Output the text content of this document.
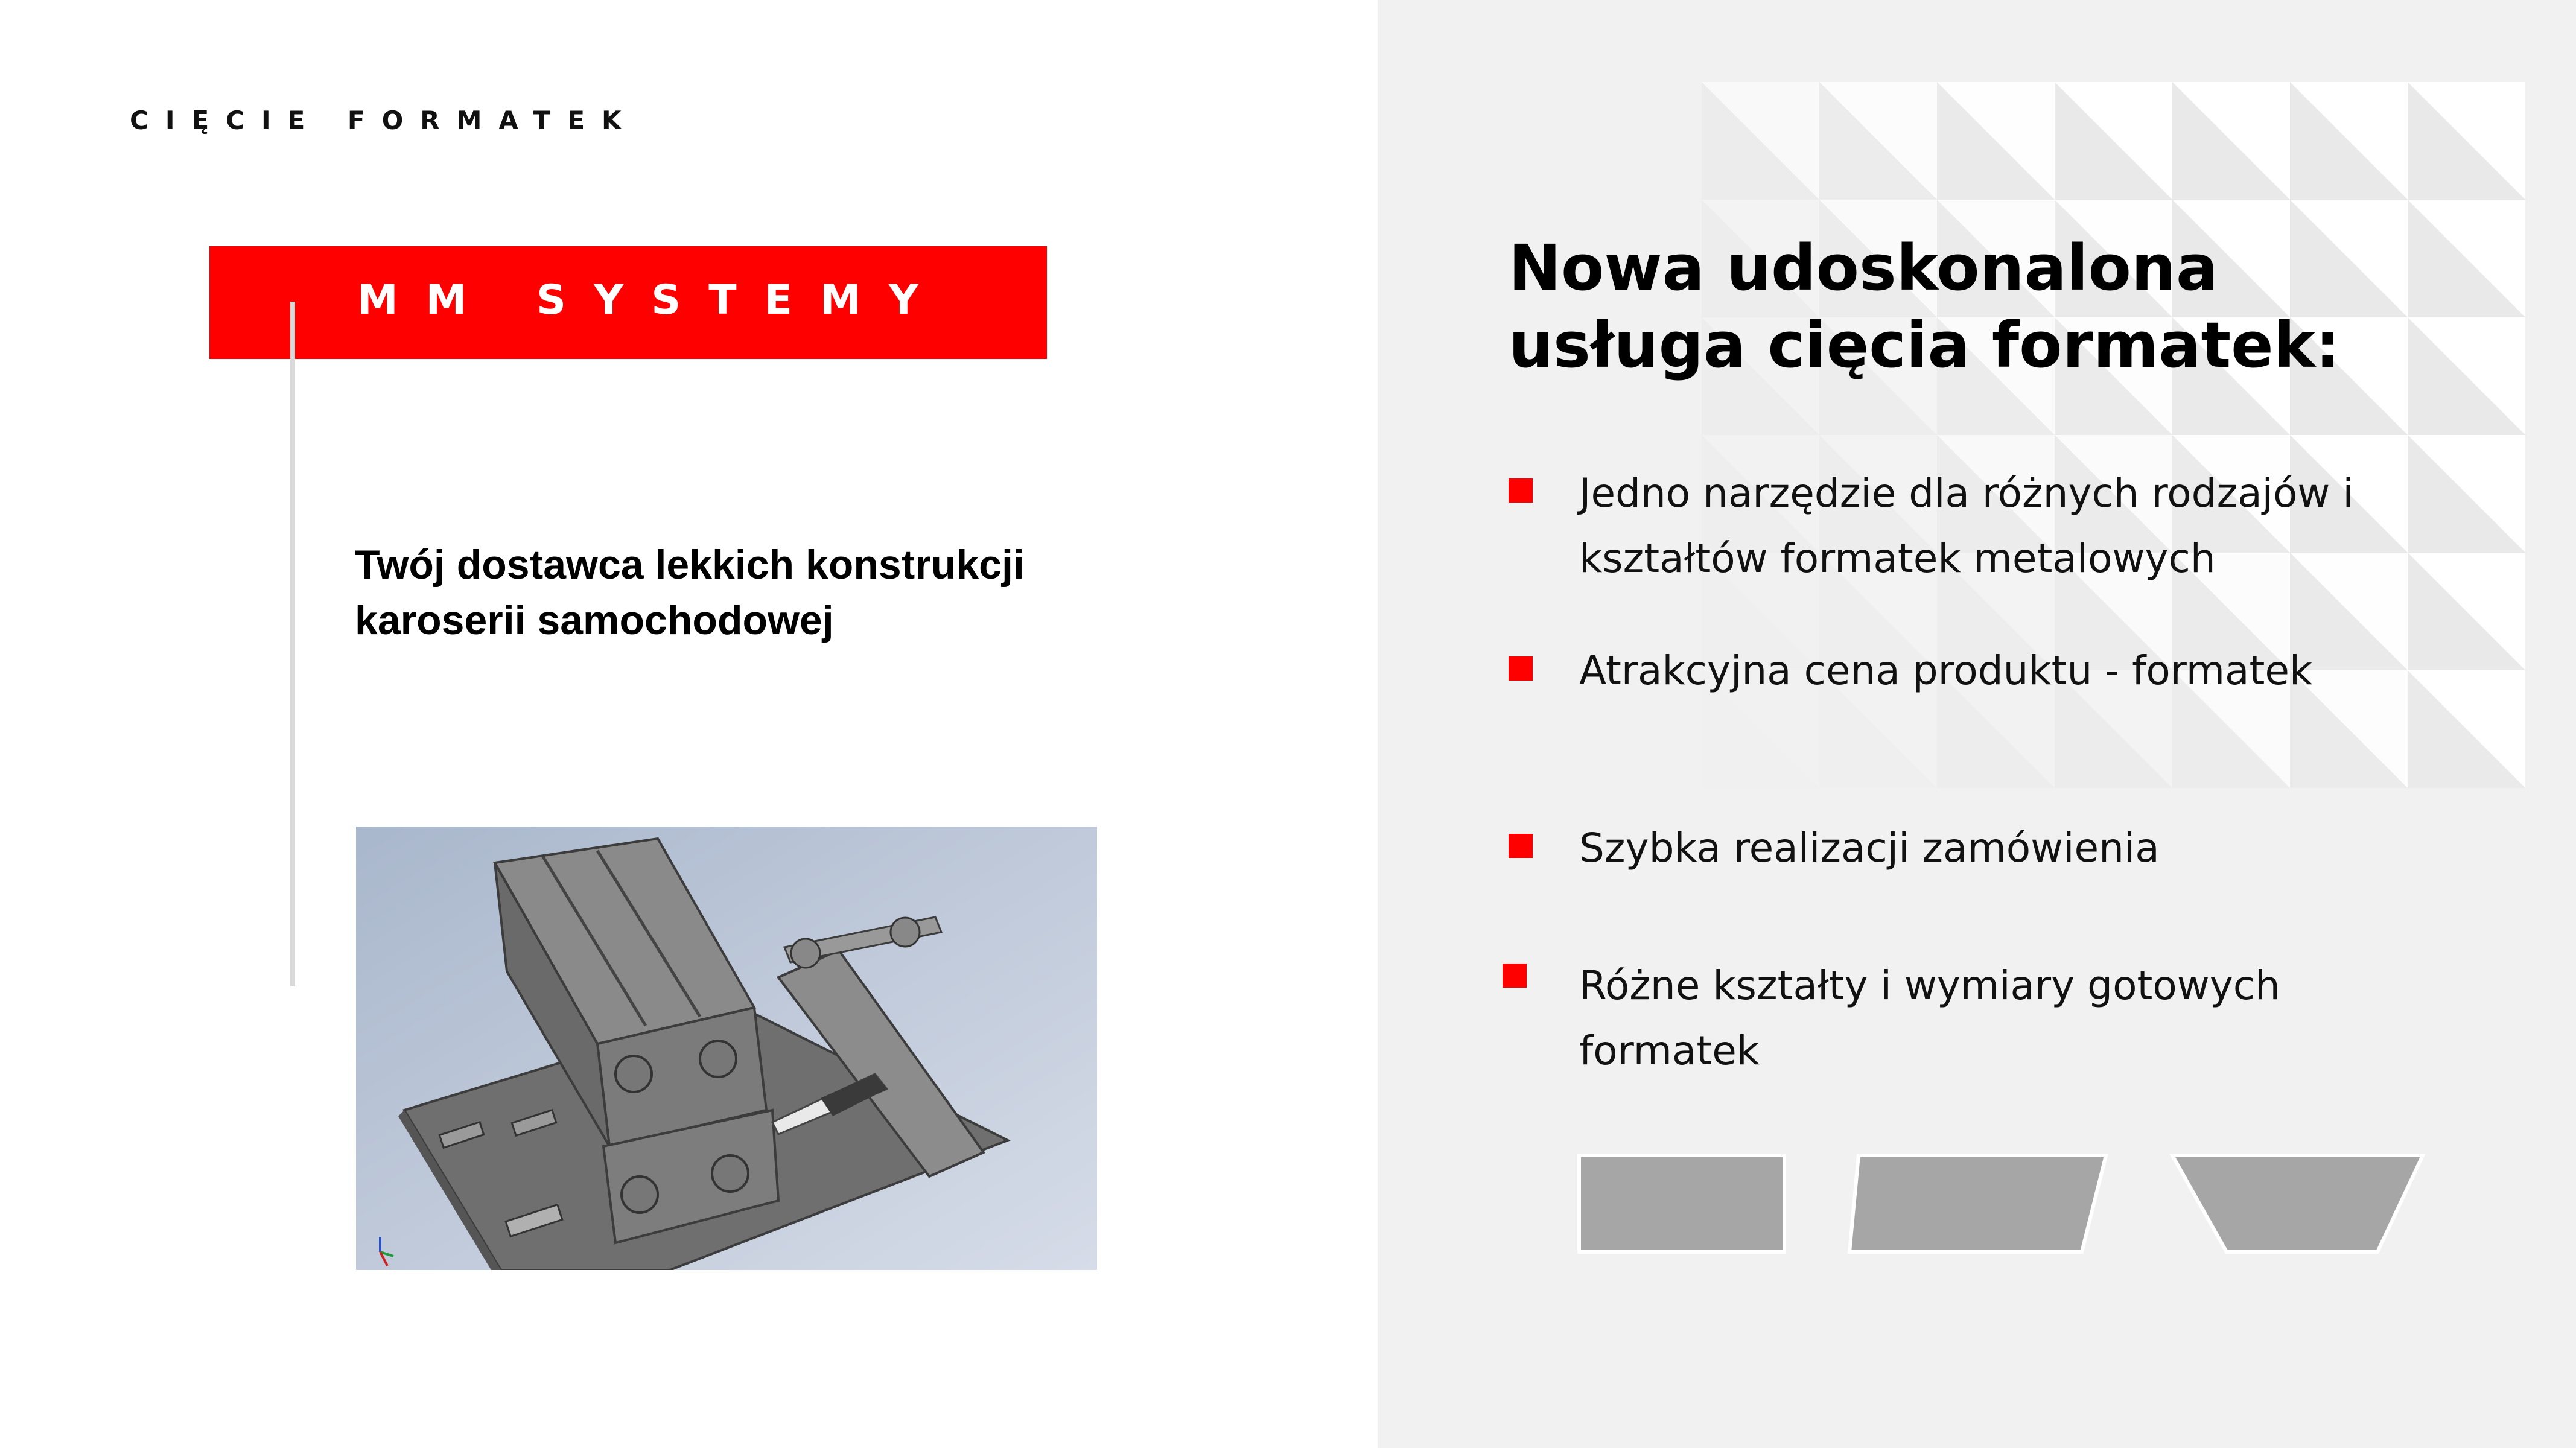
CIĘCIE FORMATEK
MM SYSTEMY
Twój dostawca lekkich konstrukcji
karoserii samochodowej
Nowa udoskonalona
usługa cięcia formatek:
Jedno narzędzie dla różnych rodzajów i
kształtów formatek metalowych
Atrakcyjna cena produktu - formatek
Szybka realizacji zamówienia
Różne kształty i wymiary gotowych
formatek
